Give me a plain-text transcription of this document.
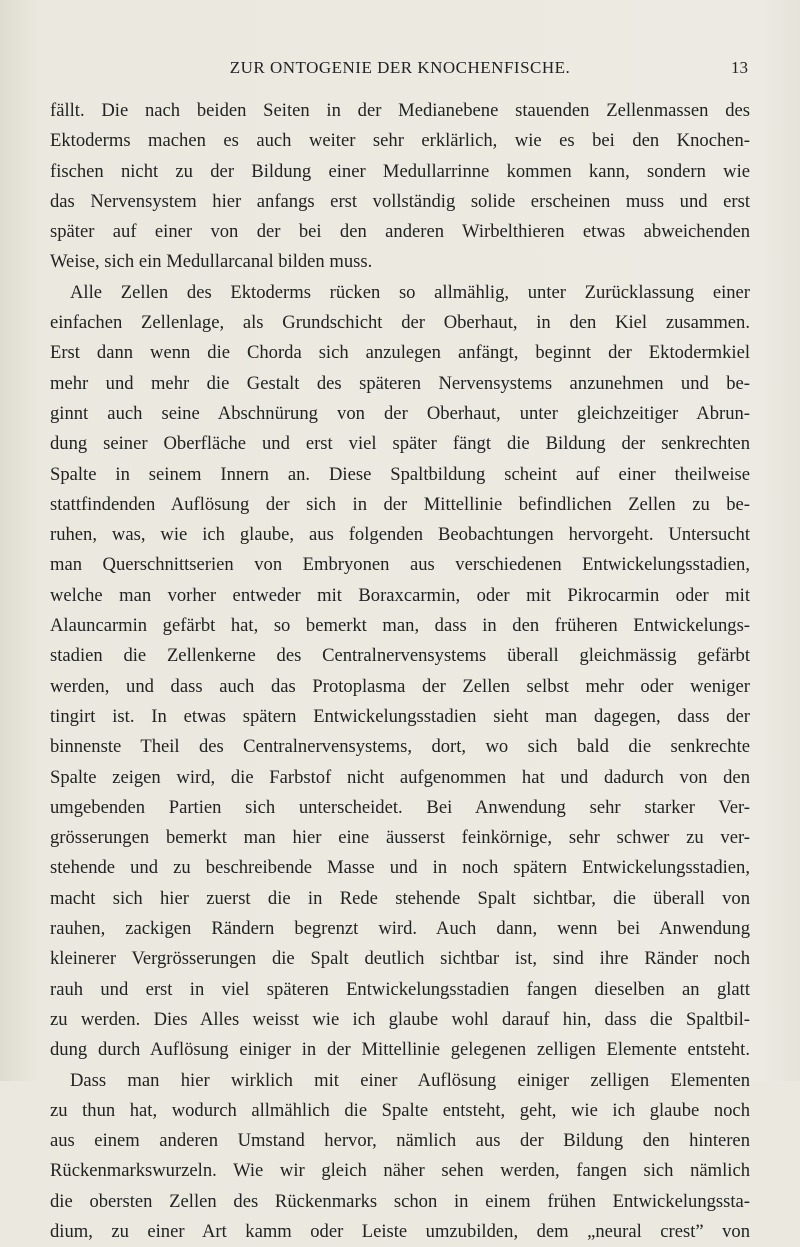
ZUR ONTOGENIE DER KNOCHENFISCHE.	13
fällt. Die nach beiden Seiten in der Medianebene stauenden Zellenmassen des
Ektoderms machen es auch weiter sehr erklärlich, wie es bei den Knochen-
fischen nicht zu der Bildung einer Medullarrinne kommen kann, sondern wie
das Nervensystem hier anfangs erst vollständig solide erscheinen muss und erst
später auf einer von der bei den anderen Wirbelthieren etwas abweichenden
Weise, sich ein Medullarcanal bilden muss.
Alle Zellen des Ektoderms rücken so allmählig, unter Zurücklassung einer
einfachen Zellenlage, als Grundschicht der Oberhaut, in den Kiel zusammen.
Erst dann wenn die Chorda sich anzulegen anfängt, beginnt der Ektodermkiel
mehr und mehr die Gestalt des späteren Nervensystems anzunehmen und be-
ginnt auch seine Abschnürung von der Oberhaut, unter gleichzeitiger Abrun-
dung seiner Oberfläche und erst viel später fängt die Bildung der senkrechten
Spalte in seinem Innern an. Diese Spaltbildung scheint auf einer theilweise
stattfindenden Auflösung der sich in der Mittellinie befindlichen Zellen zu be-
ruhen, was, wie ich glaube, aus folgenden Beobachtungen hervorgeht. Untersucht
man Querschnittserien von Embryonen aus verschiedenen Entwickelungsstadien,
welche man vorher entweder mit Boraxcarmin, oder mit Pikrocarmin oder mit
Alauncarmin gefärbt hat, so bemerkt man, dass in den früheren Entwickelungs-
stadien die Zellenkerne des Centralnervensystems überall gleichmässig gefärbt
werden, und dass auch das Protoplasma der Zellen selbst mehr oder weniger
tingirt ist. In etwas spätern Entwickelungsstadien sieht man dagegen, dass der
binnenste Theil des Centralnervensystems, dort, wo sich bald die senkrechte
Spalte zeigen wird, die Farbstof nicht aufgenommen hat und dadurch von den
umgebenden Partien sich unterscheidet. Bei Anwendung sehr starker Ver-
grösserungen bemerkt man hier eine äusserst feinkörnige, sehr schwer zu ver-
stehende und zu beschreibende Masse und in noch spätern Entwickelungsstadien,
macht sich hier zuerst die in Rede stehende Spalt sichtbar, die überall von
rauhen, zackigen Rändern begrenzt wird. Auch dann, wenn bei Anwendung
kleinerer Vergrösserungen die Spalt deutlich sichtbar ist, sind ihre Ränder noch
rauh und erst in viel späteren Entwickelungsstadien fangen dieselben an glatt
zu werden. Dies Alles weisst wie ich glaube wohl darauf hin, dass die Spaltbil-
dung durch Auflösung einiger in der Mittellinie gelegenen zelligen Elemente entsteht.
Dass man hier wirklich mit einer Auflösung einiger zelligen Elementen
zu thun hat, wodurch allmählich die Spalte entsteht, geht, wie ich glaube noch
aus einem anderen Umstand hervor, nämlich aus der Bildung den hinteren
Rückenmarkswurzeln. Wie wir gleich näher sehen werden, fangen sich nämlich
die obersten Zellen des Rückenmarks schon in einem frühen Entwickelungssta-
dium, zu einer Art kamm oder Leiste umzubilden, dem „neural crest” von
